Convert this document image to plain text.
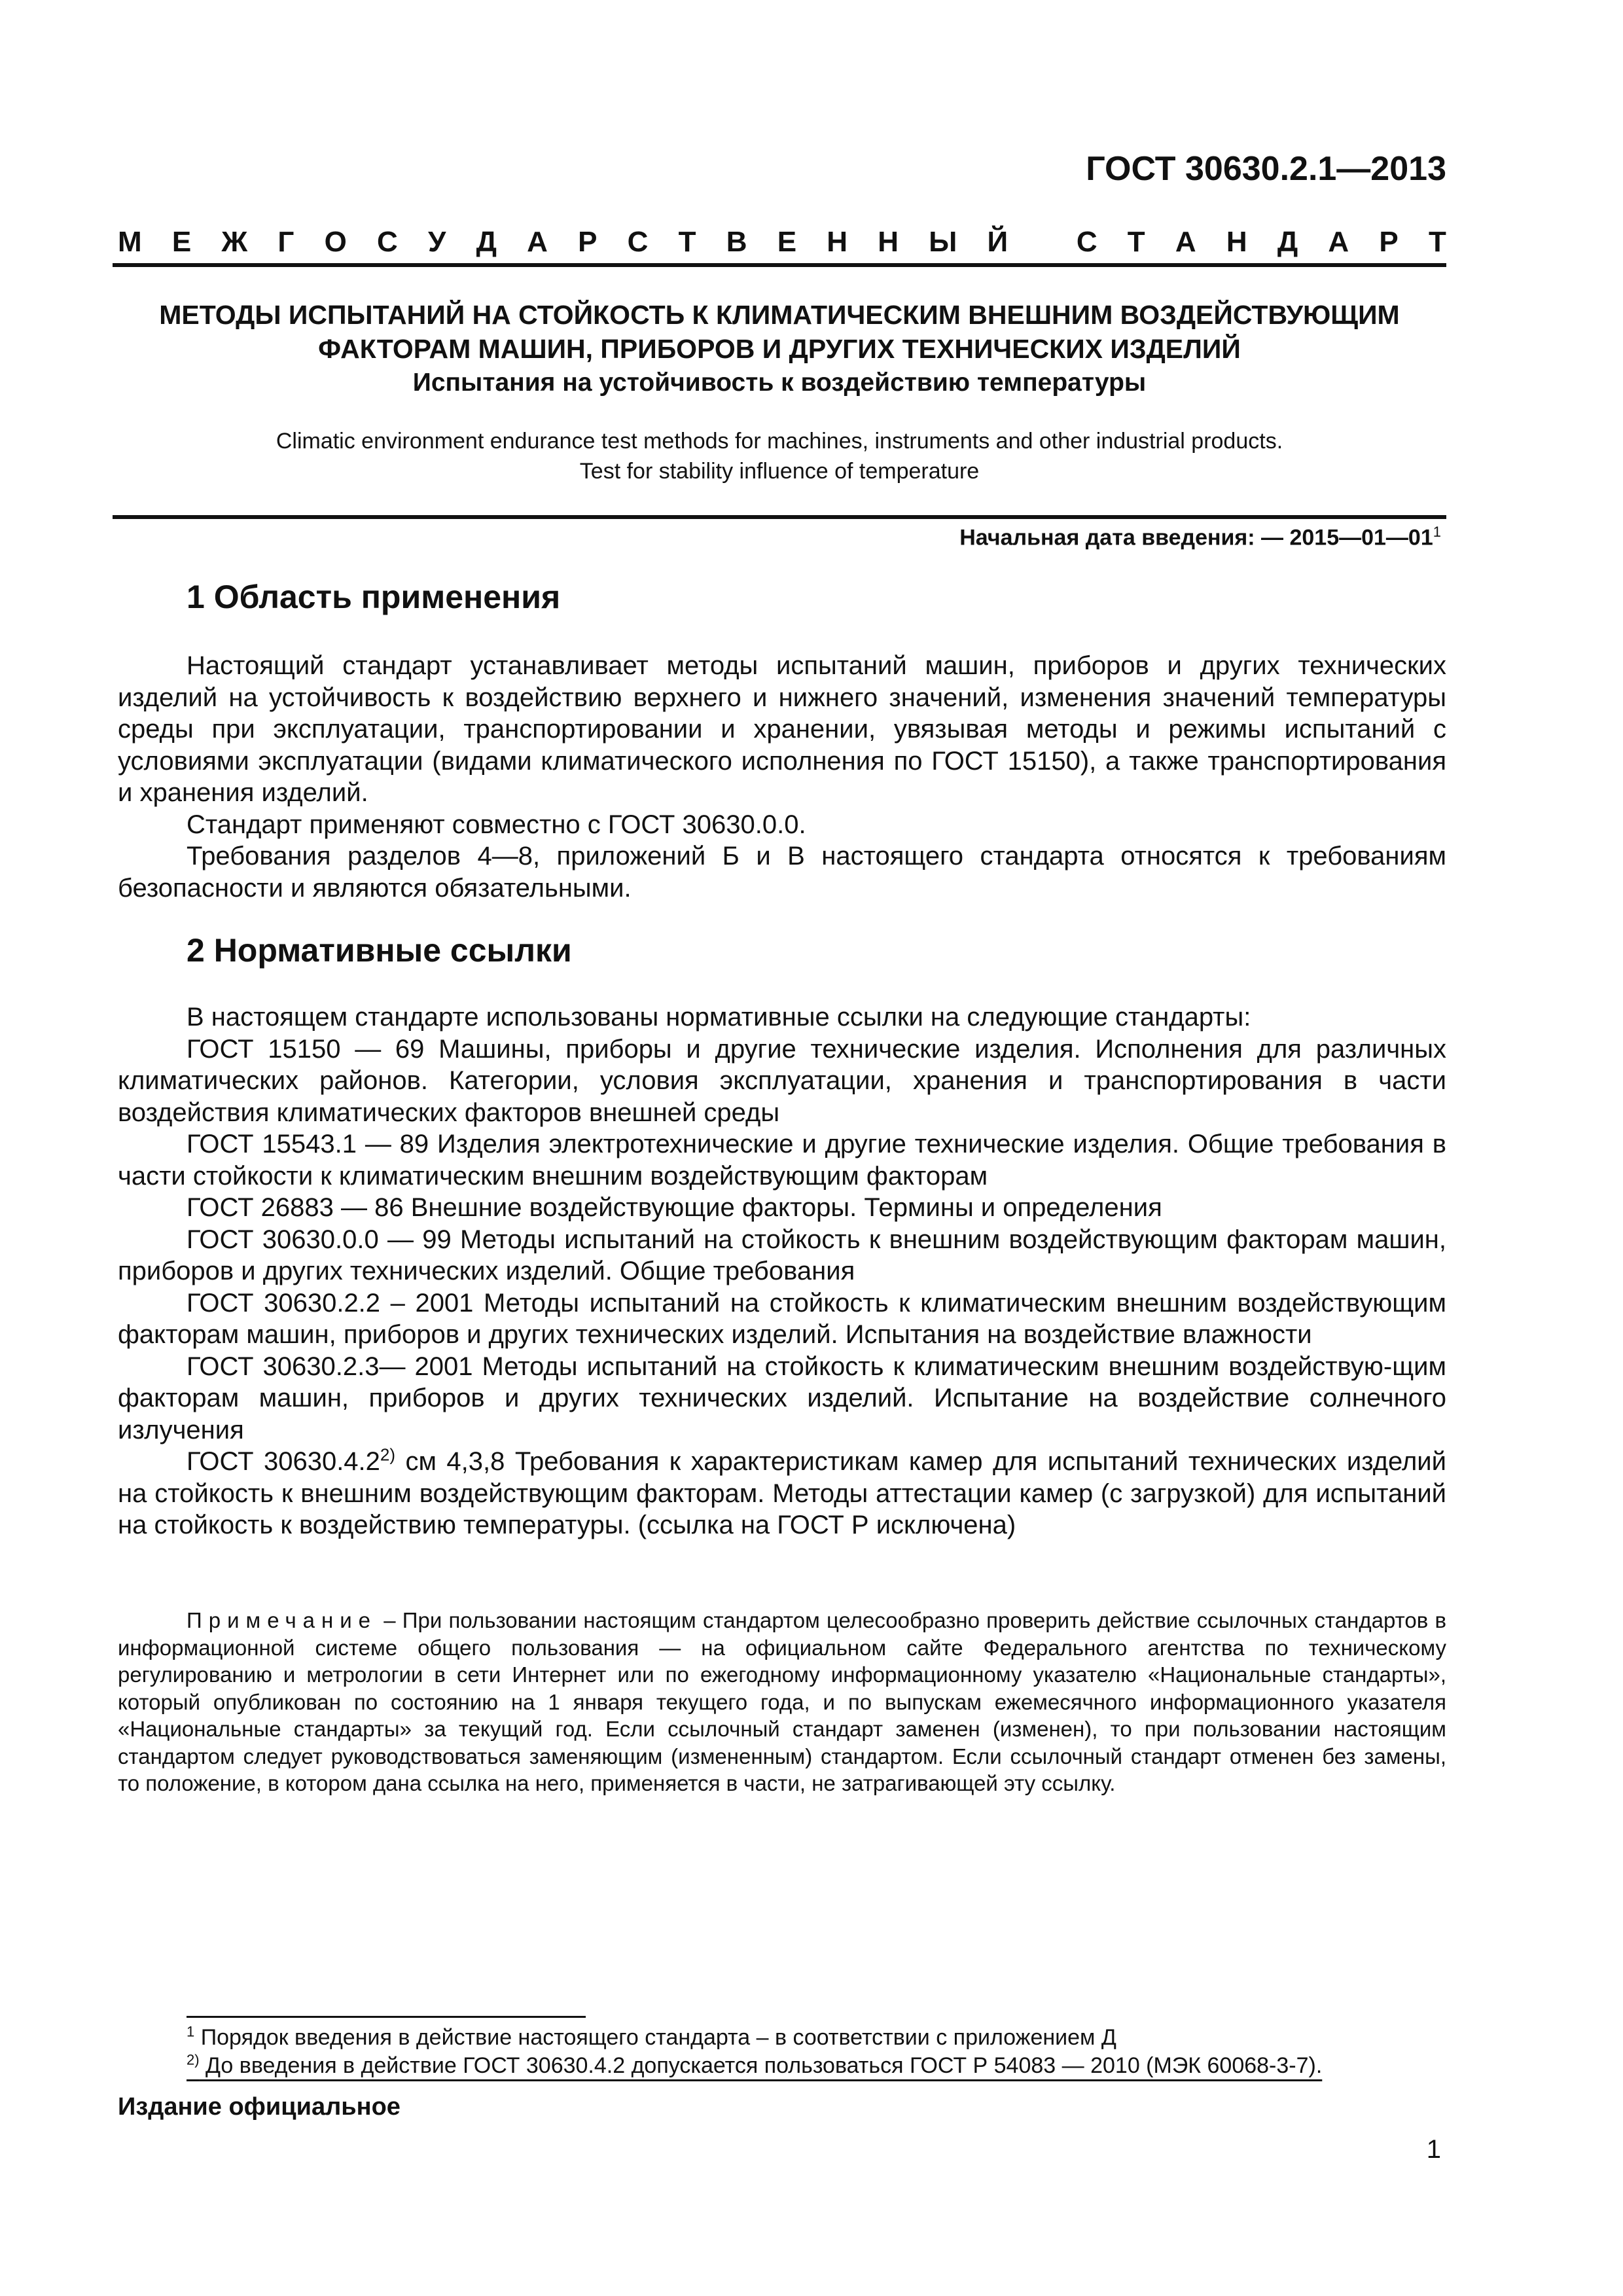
ГОСТ 30630.2.1—2013
М Е Ж Г О С У Д А Р С Т В Е Н Н Ы Й
С Т А Н Д А Р Т
МЕТОДЫ ИСПЫТАНИЙ НА СТОЙКОСТЬ К КЛИМАТИЧЕСКИМ ВНЕШНИМ ВОЗДЕЙСТВУЮЩИМ
ФАКТОРАМ МАШИН, ПРИБОРОВ И ДРУГИХ ТЕХНИЧЕСКИХ ИЗДЕЛИЙ
Испытания на устойчивость к воздействию температуры
Climatic environment endurance test methods for machines, instruments and other industrial products.
Test for stability influence of temperature
Начальная дата введения: — $2015—01—01^1$
1 Область применения

Настоящий стандарт устанавливает методы испытаний машин, приборов и других технических изделий на устойчивость к воздействию верхнего и нижнего значений, изменения значений температуры среды при эксплуатации, транспортировании и хранении, увязывая методы и режимы испытаний с условиями эксплуатации (видами климатического исполнения по ГОСТ 15150), а также транспортирования и хранения изделий.

Стандарт применяют совместно с ГОСТ 30630.0.0.

Требования разделов 4—8, приложений Б и В настоящего стандарта относятся к требованиям безопасности и являются обязательными.

2 Нормативные ссылки

В настоящем стандарте использованы нормативные ссылки на следующие стандарты:

ГОСТ 15150 — 69 Машины, приборы и другие технические изделия. Исполнения для различных климатических районов. Категории, условия эксплуатации, хранения и транспортирования в части воздействия климатических факторов внешней среды

ГОСТ 15543.1 — 89 Изделия электротехнические и другие технические изделия. Общие требования в части стойкости к климатическим внешним воздействующим факторам

ГОСТ 26883 — 86 Внешние воздействующие факторы. Термины и определения

ГОСТ 30630.0.0 — 99 Методы испытаний на стойкость к внешним воздействующим факторам машин, приборов и других технических изделий. Общие требования

ГОСТ 30630.2.2 – 2001 Методы испытаний на стойкость к климатическим внешним воздействующим факторам машин, приборов и других технических изделий. Испытания на воздействие влажности

ГОСТ 30630.2.3— 2001 Методы испытаний на стойкость к климатическим внешним воздействую-щим факторам машин, приборов и других технических изделий. Испытание на воздействие солнечного излучения

ГОСТ 30630.4.2$^{2)}$ см 4,3,8 Требования к характеристикам камер для испытаний технических изделий на стойкость к внешним воздействующим факторам. Методы аттестации камер (с загрузкой) для испытаний на стойкость к воздействию температуры. (ссылка на ГОСТ Р исключена)

Примечание – При пользовании настоящим стандартом целесообразно проверить действие ссылочных стандартов в информационной системе общего пользования — на официальном сайте Федерального агентства по техническому регулированию и метрологии в сети Интернет или по ежегодному информационному указателю «Национальные стандарты», который опубликован по состоянию на 1 января текущего года, и по выпускам ежемесячного информационного указателя «Национальные стандарты» за текущий год. Если ссылочный стандарт заменен (изменен), то при пользовании настоящим стандартом следует руководствоваться заменяющим (измененным) стандартом. Если ссылочный стандарт отменен без замены, то положение, в котором дана ссылка на него, применяется в части, не затрагивающей эту ссылку.
$^1$ Порядок введения в действие настоящего стандарта – в соответствии с приложением Д
$^{2)}$ До введения в действие ГОСТ 30630.4.2 допускается пользоваться ГОСТ Р 54083 — 2010 (МЭК 60068-3-7).
Издание официальное
1
